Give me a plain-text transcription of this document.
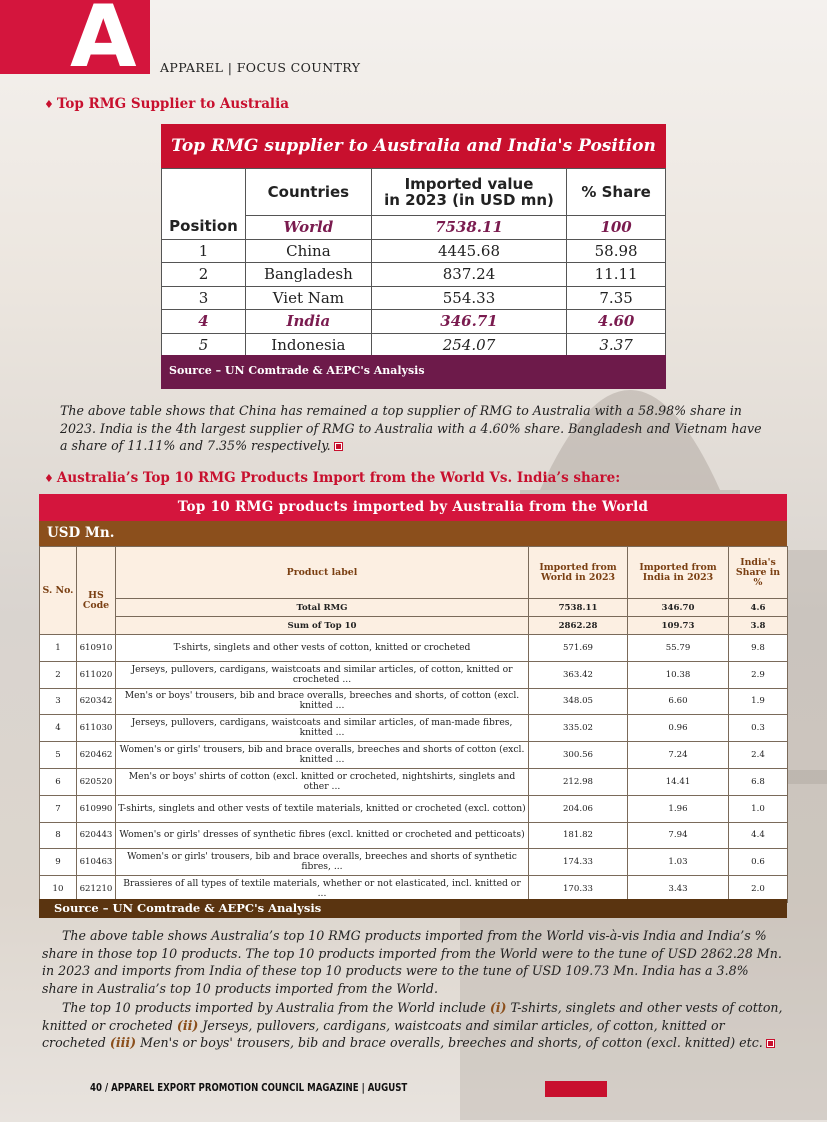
A APPAREL | FOCUS COUNTRY
♦ Top RMG Supplier to Australia
Top RMG supplier to Australia and India's Position
Position	Countries	Imported value
in 2023 (in USD mn)	% Share
	World	7538.11	100
1	China	4445.68	58.98
2	Bangladesh	837.24	11.11
3	Viet Nam	554.33	7.35
4	India	346.71	4.60
5	Indonesia	254.07	3.37
Source – UN Comtrade & AEPC's Analysis
The above table shows that China has remained a top supplier of RMG to Australia with a 58.98% share in 2023. India is the 4th largest supplier of RMG to Australia with a 4.60% share. Bangladesh and Vietnam have a share of 11.11% and 7.35% respectively.
♦ Australia’s Top 10 RMG Products Import from the World Vs. India’s share:
Top 10 RMG products imported by Australia from the World
USD Mn.
S. No.	HS Code	Product label	Imported from World in 2023	Imported from India in 2023	India's Share in %
		Total RMG	7538.11	346.70	4.6
		Sum of Top 10	2862.28	109.73	3.8
1	610910	T-shirts, singlets and other vests of cotton, knitted or crocheted	571.69	55.79	9.8
2	611020	Jerseys, pullovers, cardigans, waistcoats and similar articles, of cotton, knitted or crocheted ...	363.42	10.38	2.9
3	620342	Men's or boys' trousers, bib and brace overalls, breeches and shorts, of cotton (excl. knitted ...	348.05	6.60	1.9
4	611030	Jerseys, pullovers, cardigans, waistcoats and similar articles, of man-made fibres, knitted ...	335.02	0.96	0.3
5	620462	Women's or girls' trousers, bib and brace overalls, breeches and shorts of cotton (excl. knitted ...	300.56	7.24	2.4
6	620520	Men's or boys' shirts of cotton (excl. knitted or crocheted, nightshirts, singlets and other ...	212.98	14.41	6.8
7	610990	T-shirts, singlets and other vests of textile materials, knitted or crocheted (excl. cotton)	204.06	1.96	1.0
8	620443	Women's or girls' dresses of synthetic fibres (excl. knitted or crocheted and petticoats)	181.82	7.94	4.4
9	610463	Women's or girls' trousers, bib and brace overalls, breeches and shorts of synthetic fibres, ...	174.33	1.03	0.6
10	621210	Brassieres of all types of textile materials, whether or not elasticated, incl. knitted or ...	170.33	3.43	2.0
Source – UN Comtrade & AEPC's Analysis
The above table shows Australia’s top 10 RMG products imported from the World vis-à-vis India and India’s % share in those top 10 products. The top 10 products imported from the World were to the tune of USD 2862.28 Mn. in 2023 and imports from India of these top 10 products were to the tune of USD 109.73 Mn. India has a 3.8% share in Australia’s top 10 products imported from the World.
The top 10 products imported by Australia from the World include (i) T-shirts, singlets and other vests of cotton, knitted or crocheted (ii) Jerseys, pullovers, cardigans, waistcoats and similar articles, of cotton, knitted or crocheted (iii) Men's or boys' trousers, bib and brace overalls, breeches and shorts, of cotton (excl. knitted) etc.
40 / APPAREL EXPORT PROMOTION COUNCIL MAGAZINE | AUGUST
